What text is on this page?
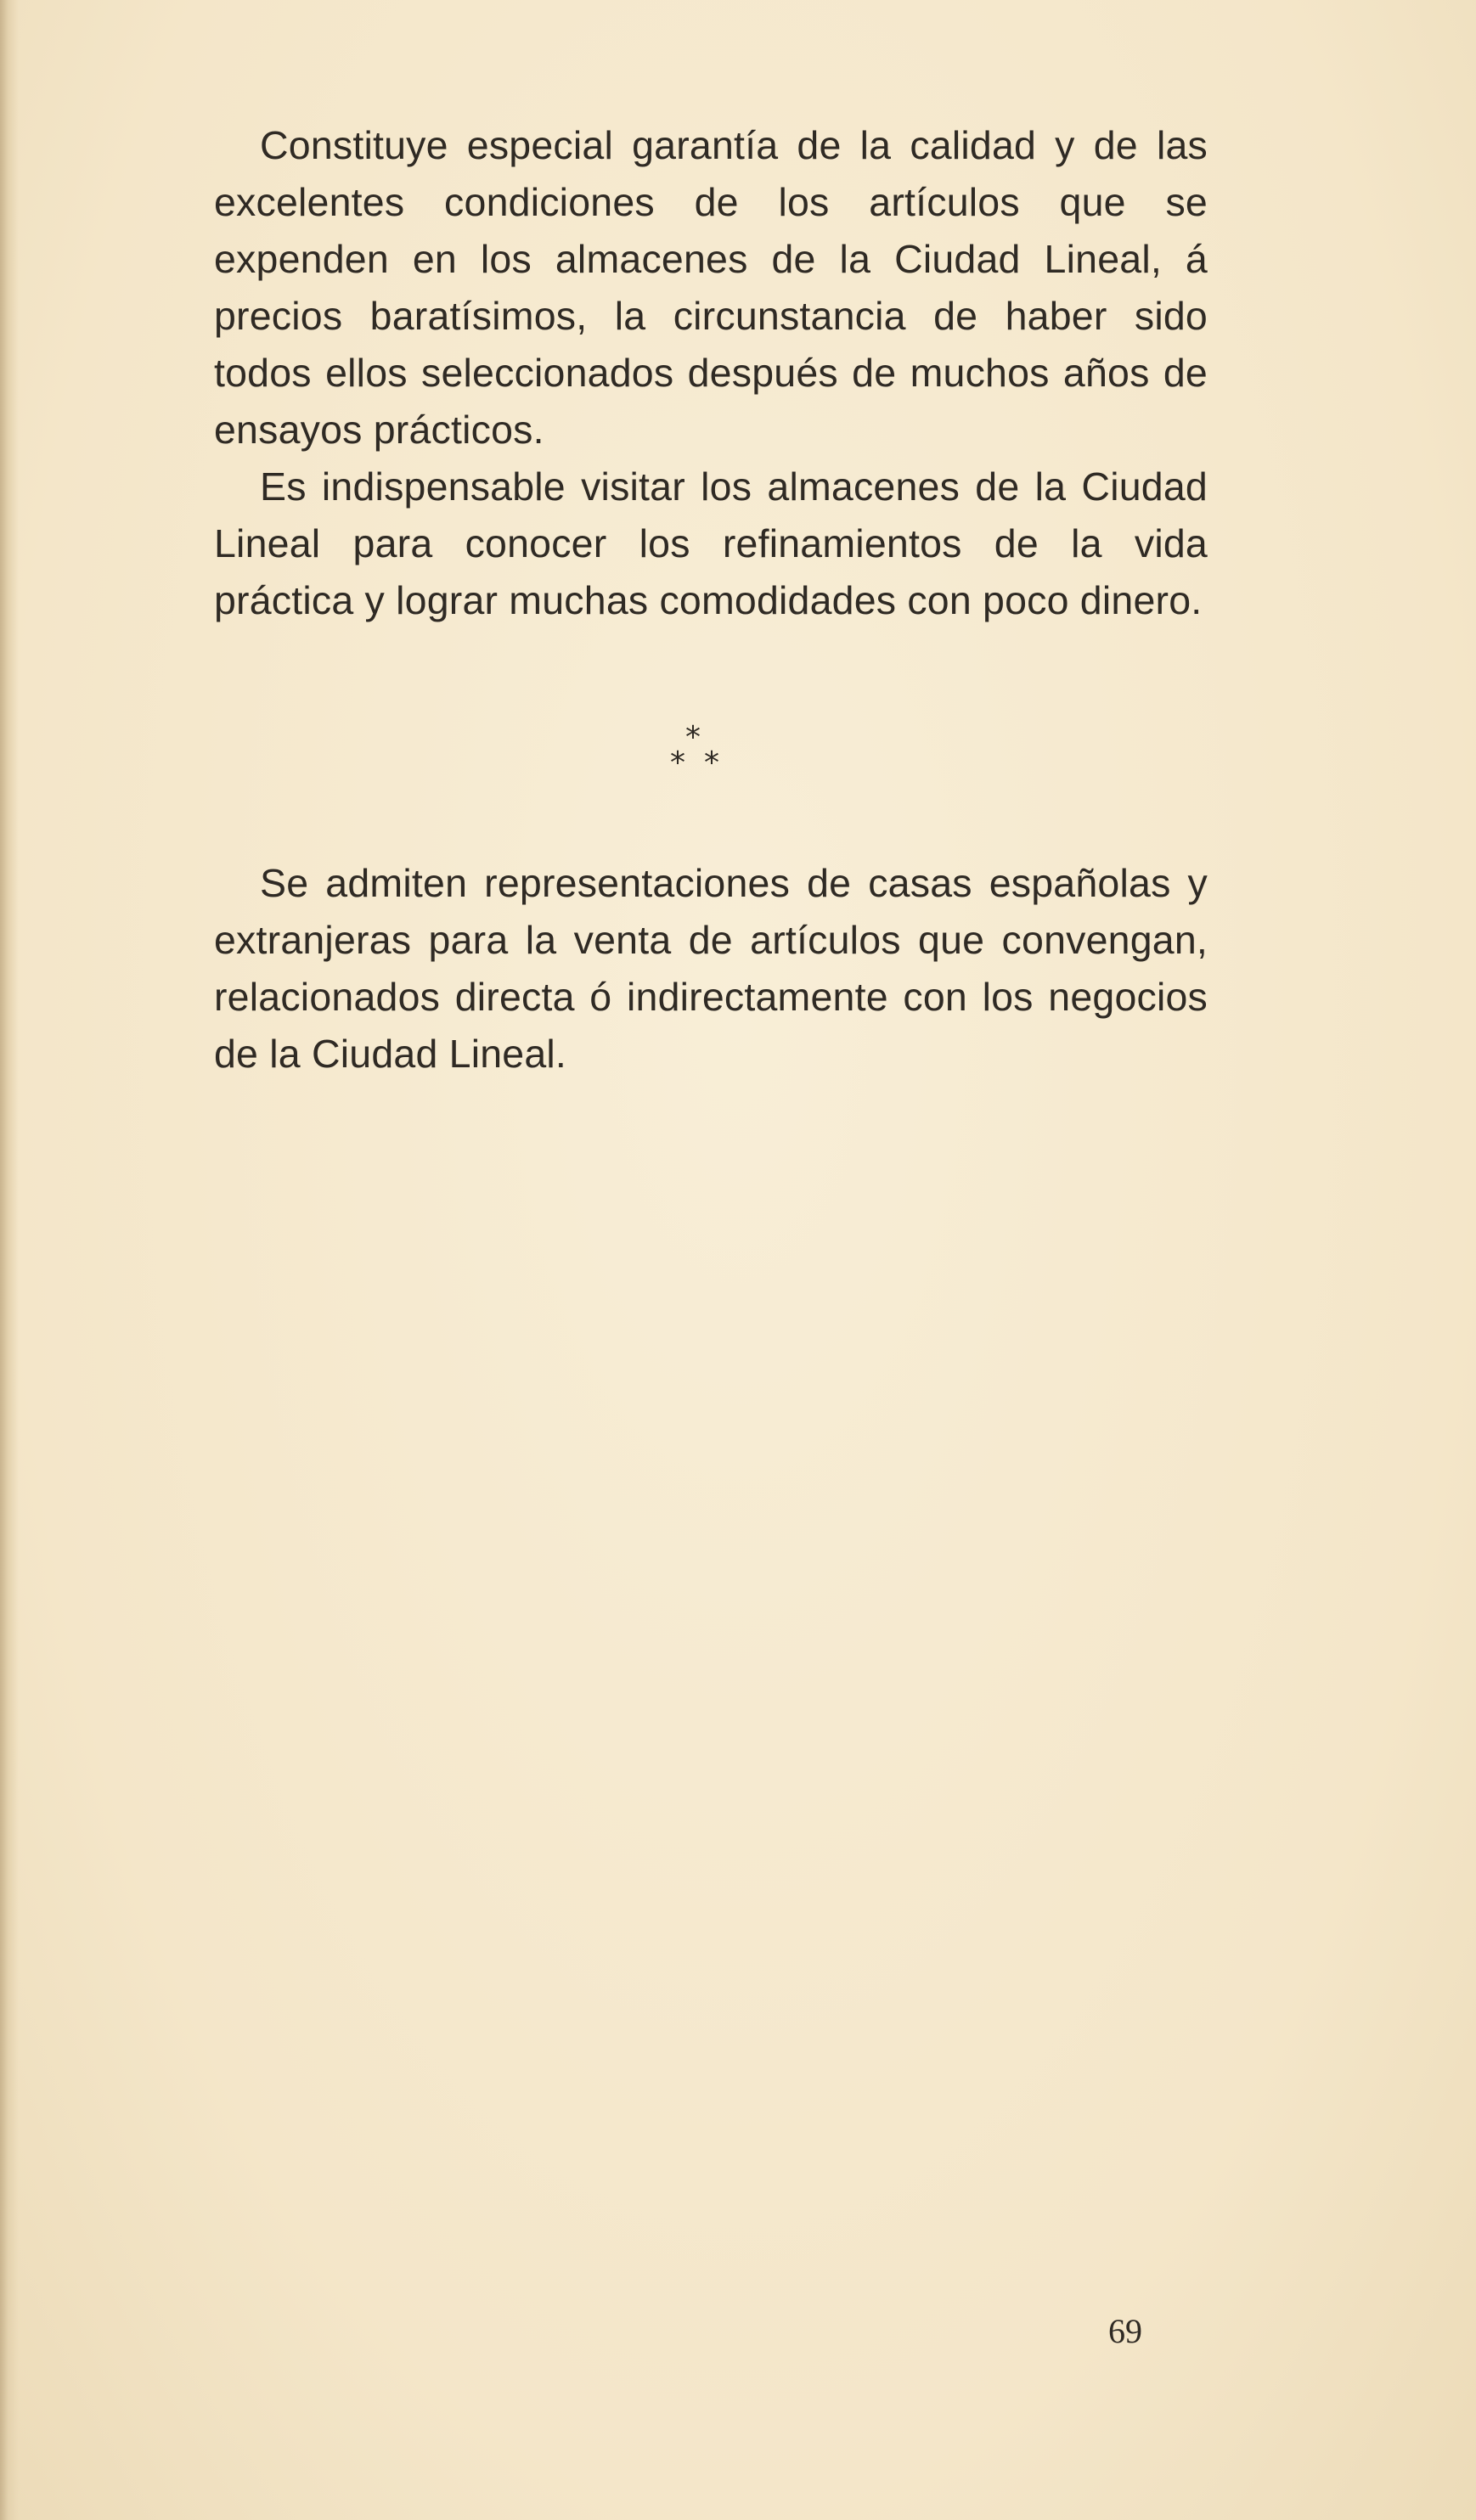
Constituye especial garantía de la calidad y de las excelentes condiciones de los artículos que se expenden en los almacenes de la Ciudad Lineal, á precios baratísimos, la circunstancia de haber sido todos ellos seleccionados después de muchos años de ensayos prácticos.

Es indispensable visitar los almacenes de la Ciudad Lineal para conocer los refinamientos de la vida práctica y lograr muchas comodidades con poco dinero.

*
* *

Se admiten representaciones de casas españolas y extranjeras para la venta de artículos que convengan, relacionados directa ó indirectamente con los negocios de la Ciudad Lineal.

69
